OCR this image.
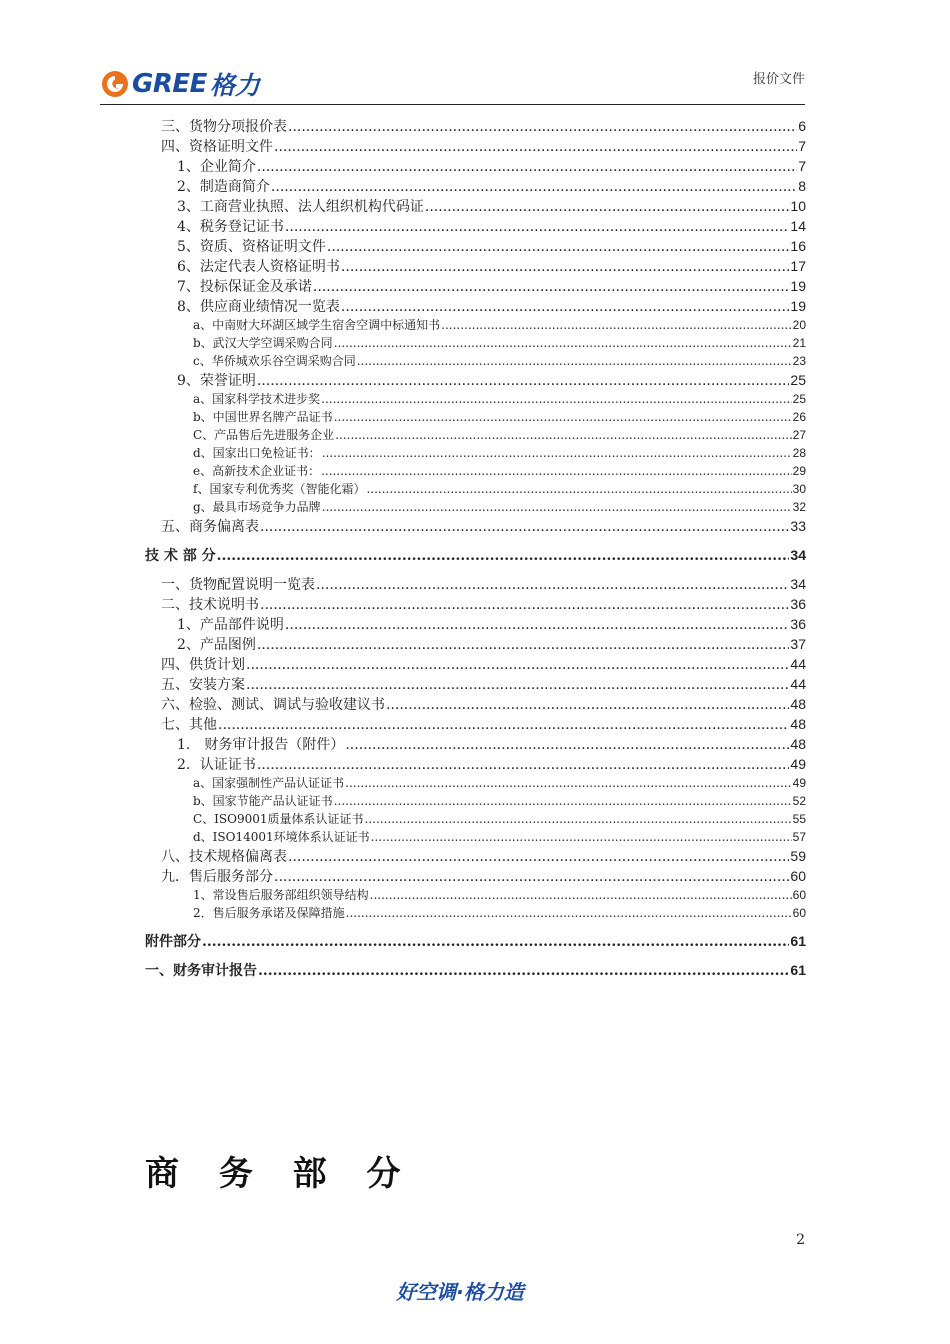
GREE 格力	报价文件
三、货物分项报价表 .....	6
四、资格证明文件 .....	7
1、企业简介 .....	7
2、制造商简介 .....	8
3、工商营业执照、法人组织机构代码证 .....	10
4、税务登记证书 .....	14
5、资质、资格证明文件 .....	16
6、法定代表人资格证明书 .....	17
7、投标保证金及承诺 .....	19
8、供应商业绩情况一览表 .....	19
a、中南财大环湖区域学生宿舍空调中标通知书 .....	20
b、武汉大学空调采购合同 .....	21
c、华侨城欢乐谷空调采购合同 .....	23
9、荣誉证明 .....	25
a、国家科学技术进步奖 .....	25
b、中国世界名牌产品证书 .....	26
C、产品售后先进服务企业 .....	27
d、国家出口免检证书： .....	28
e、高新技术企业证书： .....	29
f、国家专利优秀奖（智能化霜） .....	30
g、最具市场竞争力品牌 .....	32
五、商务偏离表 .....	33
技 术 部 分 .....	34
一、货物配置说明一览表 .....	34
二、技术说明书 .....	36
1、产品部件说明 .....	36
2、产品图例 .....	37
四、供货计划 .....	44
五、安装方案 .....	44
六、检验、测试、调试与验收建议书 .....	48
七、其他 .....	48
1.　财务审计报告（附件） .....	48
2．认证证书 .....	49
a、国家强制性产品认证证书 .....	49
b、国家节能产品认证证书 .....	52
C、ISO9001质量体系认证证书 .....	55
d、ISO14001环境体系认证证书 .....	57
八、技术规格偏离表 .....	59
九．售后服务部分 .....	60
1、常设售后服务部组织领导结构 .....	60
2．售后服务承诺及保障措施 .....	60
附件部分 .....	61
一、财务审计报告 .....	61
商 务 部 分
2
好空调·格力造
